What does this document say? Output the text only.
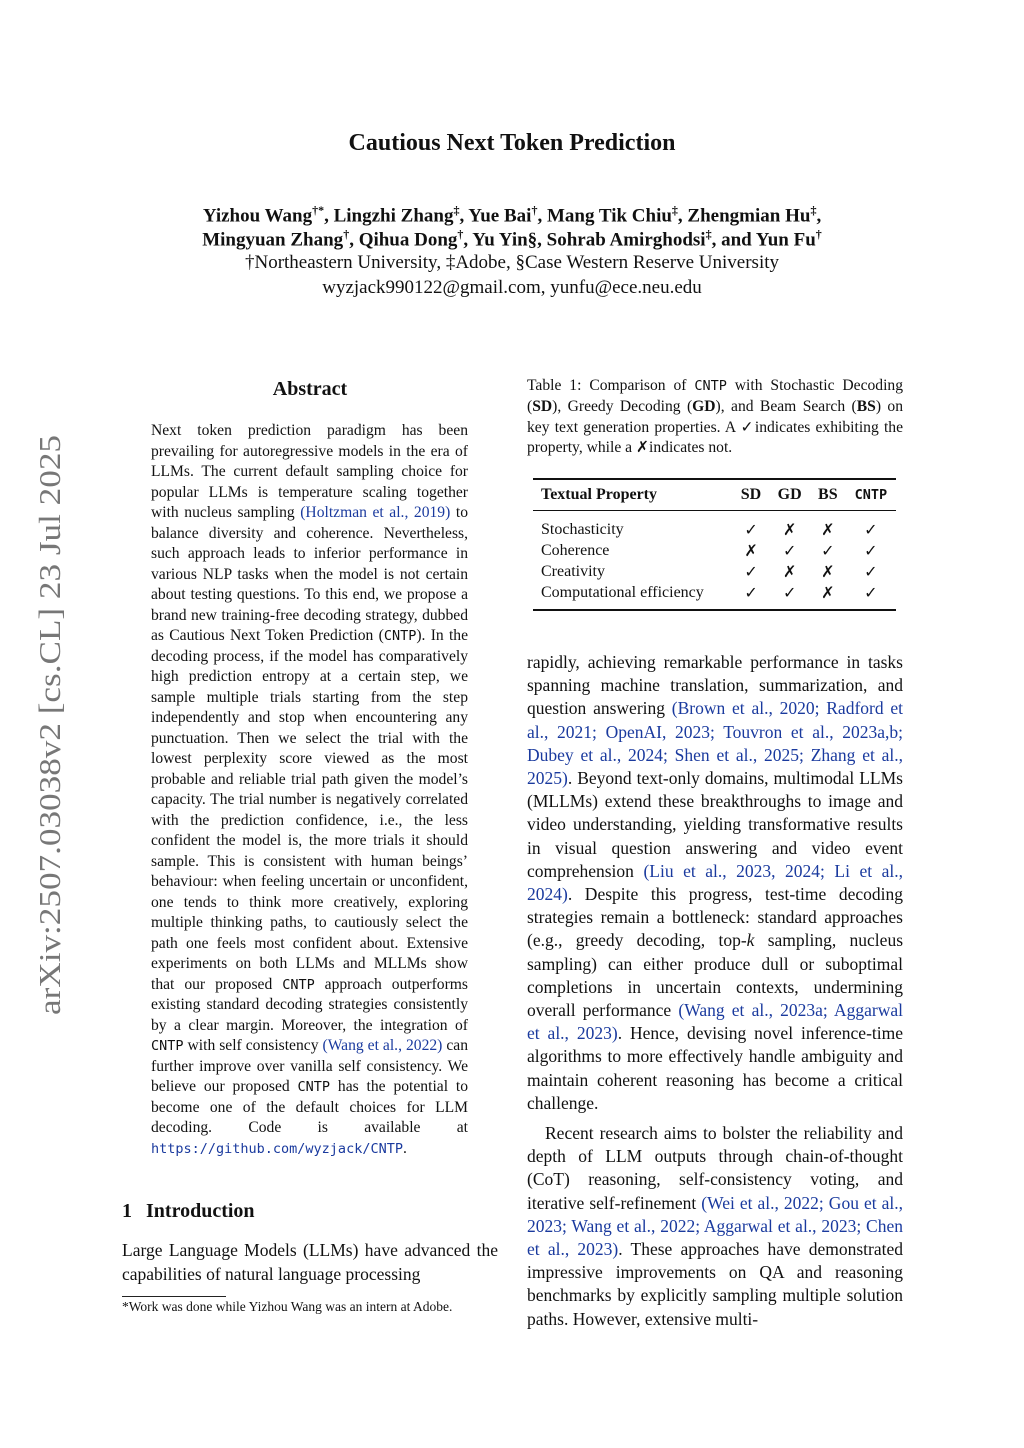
arXiv:2507.03038v2 [cs.CL] 23 Jul 2025
Cautious Next Token Prediction
Yizhou Wang†*, Lingzhi Zhang‡, Yue Bai†, Mang Tik Chiu‡, Zhengmian Hu‡,
Mingyuan Zhang†, Qihua Dong†, Yu Yin§, Sohrab Amirghodsi‡, and Yun Fu†
†Northeastern University, ‡Adobe, §Case Western Reserve University
wyzjack990122@gmail.com, yunfu@ece.neu.edu
Abstract
Next token prediction paradigm has been prevailing for autoregressive models in the era of LLMs. The current default sampling choice for popular LLMs is temperature scaling together with nucleus sampling (Holtzman et al., 2019) to balance diversity and coherence. Nevertheless, such approach leads to inferior performance in various NLP tasks when the model is not certain about testing questions. To this end, we propose a brand new training-free decoding strategy, dubbed as Cautious Next Token Prediction (CNTP). In the decoding process, if the model has comparatively high prediction entropy at a certain step, we sample multiple trials starting from the step independently and stop when encountering any punctuation. Then we select the trial with the lowest perplexity score viewed as the most probable and reliable trial path given the model’s capacity. The trial number is negatively correlated with the prediction confidence, i.e., the less confident the model is, the more trials it should sample. This is consistent with human beings’ behaviour: when feeling uncertain or unconfident, one tends to think more creatively, exploring multiple thinking paths, to cautiously select the path one feels most confident about. Extensive experiments on both LLMs and MLLMs show that our proposed CNTP approach outperforms existing standard decoding strategies consistently by a clear margin. Moreover, the integration of CNTP with self consistency (Wang et al., 2022) can further improve over vanilla self consistency. We believe our proposed CNTP has the potential to become one of the default choices for LLM decoding. Code is available at https://github.com/wyzjack/CNTP.
1 Introduction
Large Language Models (LLMs) have advanced the capabilities of natural language processing
*Work was done while Yizhou Wang was an intern at Adobe.
Table 1: Comparison of CNTP with Stochastic Decoding (SD), Greedy Decoding (GD), and Beam Search (BS) on key text generation properties. A ✓indicates exhibiting the property, while a ✗indicates not.
Textual Property	SD	GD	BS	CNTP
Stochasticity	✓	✗	✗	✓
Coherence	✗	✓	✓	✓
Creativity	✓	✗	✗	✓
Computational efficiency	✓	✓	✗	✓

rapidly, achieving remarkable performance in tasks spanning machine translation, summarization, and question answering (Brown et al., 2020; Radford et al., 2021; OpenAI, 2023; Touvron et al., 2023a,b; Dubey et al., 2024; Shen et al., 2025; Zhang et al., 2025). Beyond text-only domains, multimodal LLMs (MLLMs) extend these breakthroughs to image and video understanding, yielding transformative results in visual question answering and video event comprehension (Liu et al., 2023, 2024; Li et al., 2024). Despite this progress, test-time decoding strategies remain a bottleneck: standard approaches (e.g., greedy decoding, top-k sampling, nucleus sampling) can either produce dull or suboptimal completions in uncertain contexts, undermining overall performance (Wang et al., 2023a; Aggarwal et al., 2023). Hence, devising novel inference-time algorithms to more effectively handle ambiguity and maintain coherent reasoning has become a critical challenge.

Recent research aims to bolster the reliability and depth of LLM outputs through chain-of-thought (CoT) reasoning, self-consistency voting, and iterative self-refinement (Wei et al., 2022; Gou et al., 2023; Wang et al., 2022; Aggarwal et al., 2023; Chen et al., 2023). These approaches have demonstrated impressive improvements on QA and reasoning benchmarks by explicitly sampling multiple solution paths. However, extensive multi-
